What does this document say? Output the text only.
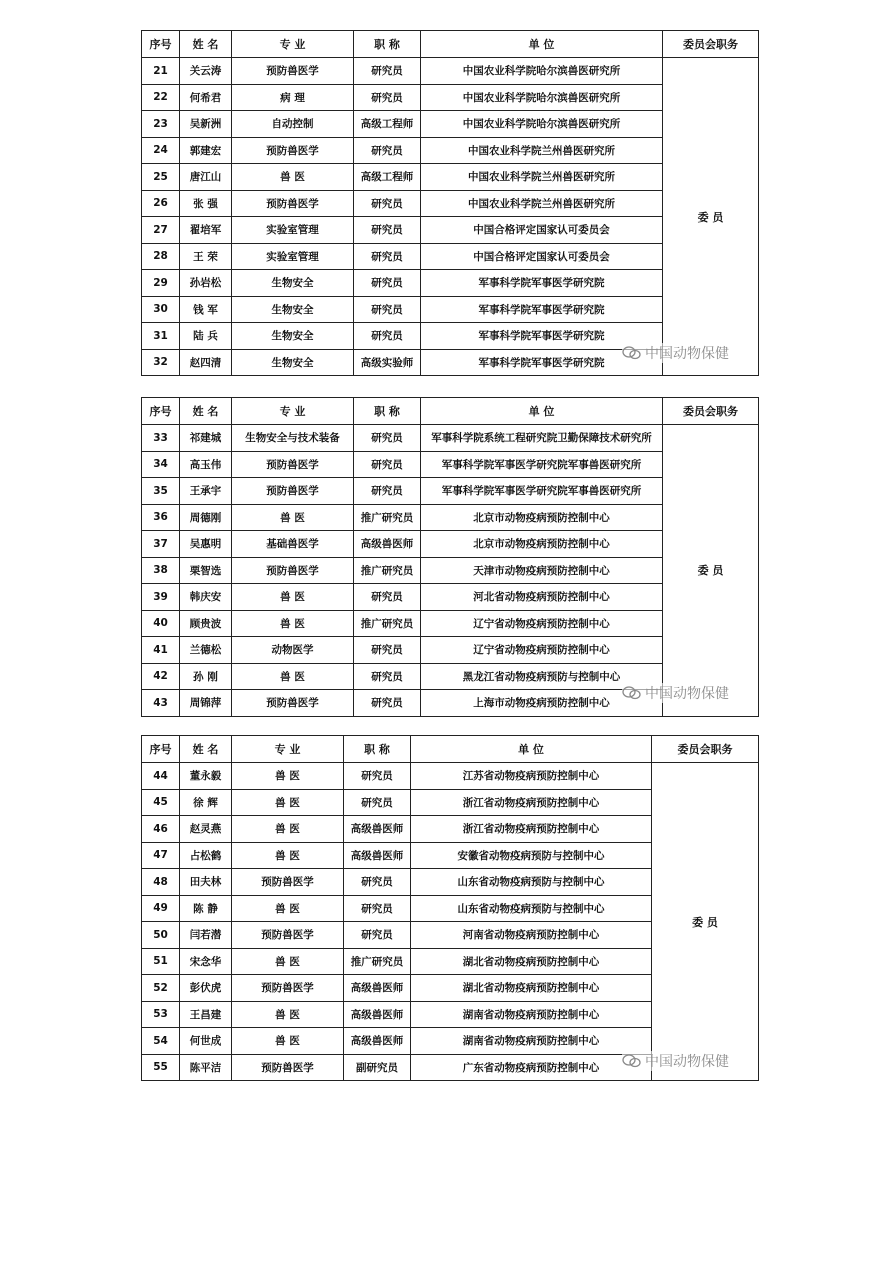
序号	姓 名	专 业	职 称	单 位	委员会职务
21	关云涛	预防兽医学	研究员	中国农业科学院哈尔滨兽医研究所	委 员
22	何希君	病 理	研究员	中国农业科学院哈尔滨兽医研究所	
23	吴新洲	自动控制	高级工程师	中国农业科学院哈尔滨兽医研究所	
24	郭建宏	预防兽医学	研究员	中国农业科学院兰州兽医研究所	
25	唐江山	兽 医	高级工程师	中国农业科学院兰州兽医研究所	
26	张 强	预防兽医学	研究员	中国农业科学院兰州兽医研究所	
27	翟培军	实验室管理	研究员	中国合格评定国家认可委员会	
28	王 荣	实验室管理	研究员	中国合格评定国家认可委员会	
29	孙岩松	生物安全	研究员	军事科学院军事医学研究院	
30	钱 军	生物安全	研究员	军事科学院军事医学研究院	
31	陆 兵	生物安全	研究员	军事科学院军事医学研究院	
32	赵四清	生物安全	高级实验师	军事科学院军事医学研究院	
序号	姓 名	专 业	职 称	单 位	委员会职务
33	祁建城	生物安全与技术装备	研究员	军事科学院系统工程研究院卫勤保障技术研究所	委 员
34	高玉伟	预防兽医学	研究员	军事科学院军事医学研究院军事兽医研究所	
35	王承宇	预防兽医学	研究员	军事科学院军事医学研究院军事兽医研究所	
36	周德刚	兽 医	推广研究员	北京市动物疫病预防控制中心	
37	吴惠明	基础兽医学	高级兽医师	北京市动物疫病预防控制中心	
38	栗智选	预防兽医学	推广研究员	天津市动物疫病预防控制中心	
39	韩庆安	兽 医	研究员	河北省动物疫病预防控制中心	
40	顾贵波	兽 医	推广研究员	辽宁省动物疫病预防控制中心	
41	兰德松	动物医学	研究员	辽宁省动物疫病预防控制中心	
42	孙 刚	兽 医	研究员	黑龙江省动物疫病预防与控制中心	
43	周锦萍	预防兽医学	研究员	上海市动物疫病预防控制中心	
序号	姓 名	专 业	职 称	单 位	委员会职务
44	董永毅	兽 医	研究员	江苏省动物疫病预防控制中心	委 员
45	徐 辉	兽 医	研究员	浙江省动物疫病预防控制中心	
46	赵灵燕	兽 医	高级兽医师	浙江省动物疫病预防控制中心	
47	占松鹤	兽 医	高级兽医师	安徽省动物疫病预防与控制中心	
48	田夫林	预防兽医学	研究员	山东省动物疫病预防与控制中心	
49	陈 静	兽 医	研究员	山东省动物疫病预防与控制中心	
50	闫若潜	预防兽医学	研究员	河南省动物疫病预防控制中心	
51	宋念华	兽 医	推广研究员	湖北省动物疫病预防控制中心	
52	彭伏虎	预防兽医学	高级兽医师	湖北省动物疫病预防控制中心	
53	王昌建	兽 医	高级兽医师	湖南省动物疫病预防控制中心	
54	何世成	兽 医	高级兽医师	湖南省动物疫病预防控制中心	
55	陈平洁	预防兽医学	副研究员	广东省动物疫病预防控制中心	
中国动物保健
中国动物保健
中国动物保健
